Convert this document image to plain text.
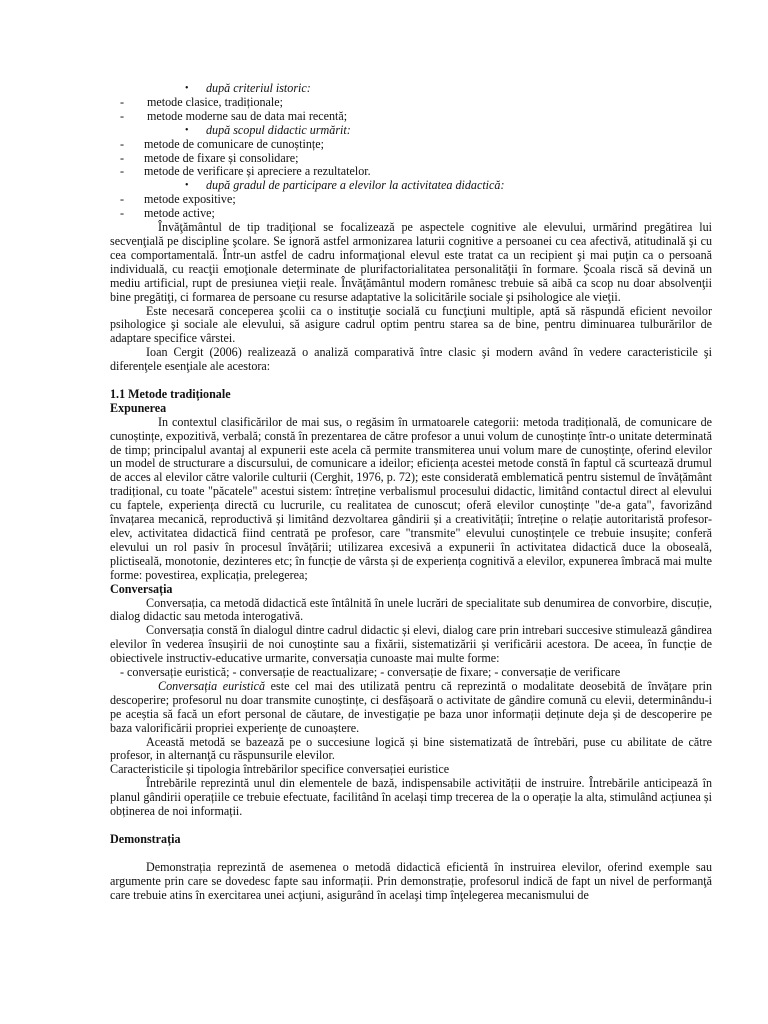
• după criteriul istoric:
- metode clasice, tradiționale;
- metode moderne sau de data mai recentă;
• după scopul didactic urmărit:
- metode de comunicare de cunoștințe;
- metode de fixare și consolidare;
- metode de verificare și apreciere a rezultatelor.
• după gradul de participare a elevilor la activitatea didactică:
- metode expositive;
- metode active;
Învăţământul de tip tradiţional se focalizează pe aspectele cognitive ale elevului, urmărind pregătirea lui secvenţială pe discipline şcolare. Se ignoră astfel armonizarea laturii cognitive a persoanei cu cea afectivă, atitudinală şi cu cea comportamentală. Într-un astfel de cadru informaţional elevul este tratat ca un recipient şi mai puţin ca o persoană individuală, cu reacţii emoţionale determinate de plurifactorialitatea personalităţii în formare. Şcoala riscă să devină un mediu artificial, rupt de presiunea vieţii reale. Învăţământul modern românesc trebuie să aibă ca scop nu doar absolvenţii bine pregătiţi, ci formarea de persoane cu resurse adaptative la solicitările sociale şi psihologice ale vieţii.
Este necesară conceperea şcolii ca o instituţie socială cu funcţiuni multiple, aptă să răspundă eficient nevoilor psihologice şi sociale ale elevului, să asigure cadrul optim pentru starea sa de bine, pentru diminuarea tulburărilor de adaptare specifice vârstei.
Ioan Cergit (2006) realizează o analiză comparativă între clasic şi modern având în vedere caracteristicile şi diferenţele esenţiale ale acestora:
1.1 Metode tradiționale
Expunerea
In contextul clasificărilor de mai sus, o regăsim în urmatoarele categorii: metoda tradițională, de comunicare de cunoștințe, expozitivă, verbală; constă în prezentarea de către profesor a unui volum de cunoștințe într-o unitate determinată de timp; principalul avantaj al expunerii este acela că permite transmiterea unui volum mare de cunoștințe, oferind elevilor un model de structurare a discursului, de comunicare a ideilor; eficiența acestei metode constă în faptul că scurtează drumul de acces al elevilor către valorile culturii (Cerghit, 1976, p. 72); este considerată emblematică pentru sistemul de învățământ tradițional, cu toate "păcatele" acestui sistem: întreține verbalismul procesului didactic, limitând contactul direct al elevului cu faptele, experiența directă cu lucrurile, cu realitatea de cunoscut; oferă elevilor cunoștințe "de-a gata", favorizând învațarea mecanică, reproductivă și limitând dezvoltarea gândirii și a creativității; întreține o relație autoritaristă profesor-elev, activitatea didactică fiind centrată pe profesor, care "transmite" elevului cunoștințele ce trebuie insușite; conferă elevului un rol pasiv în procesul învățării; utilizarea excesivă a expunerii în activitatea didactică duce la oboseală, plictiseală, monotonie, dezinteres etc; în funcție de vârsta și de experiența cognitivă a elevilor, expunerea îmbracă mai multe forme: povestirea, explicația, prelegerea;
Conversația
Conversația, ca metodă didactică este întâlnită în unele lucrări de specialitate sub denumirea de convorbire, discuție, dialog didactic sau metoda interogativă.
Conversația constă în dialogul dintre cadrul didactic și elevi, dialog care prin intrebari succesive stimulează gândirea elevilor în vederea însușirii de noi cunoștinte sau a fixării, sistematizării și verificării acestora. De aceea, în funcție de obiectivele instructiv-educative urmarite, conversația cunoaste mai multe forme:
- conversație euristică; - conversație de reactualizare; - conversație de fixare; - conversație de verificare
Conversația euristică este cel mai des utilizată pentru că reprezintă o modalitate deosebită de învățare prin descoperire; profesorul nu doar transmite cunoștințe, ci desfășoară o activitate de gândire comună cu elevii, determinându-i pe aceștia să facă un efort personal de căutare, de investigație pe baza unor informații deținute deja și de descoperire pe baza valorificării propriei experiențe de cunoaștere.
Această metodă se bazează pe o succesiune logică și bine sistematizată de întrebări, puse cu abilitate de către profesor, in alternanţă cu răspunsurile elevilor.
Caracteristicile și tipologia întrebărilor specifice conversației euristice
Întrebările reprezintă unul din elementele de bază, indispensabile activității de instruire. Întrebările anticipează în planul gândirii operațiile ce trebuie efectuate, facilitând în același timp trecerea de la o operație la alta, stimulând acțiunea și obținerea de noi informații.
Demonstrația
Demonstrația reprezintă de asemenea o metodă didactică eficientă în instruirea elevilor, oferind exemple sau argumente prin care se dovedesc fapte sau informații. Prin demonstrație, profesorul indică de fapt un nivel de performanţă care trebuie atins în exercitarea unei acţiuni, asigurând în acelaşi timp înţelegerea mecanismului de
